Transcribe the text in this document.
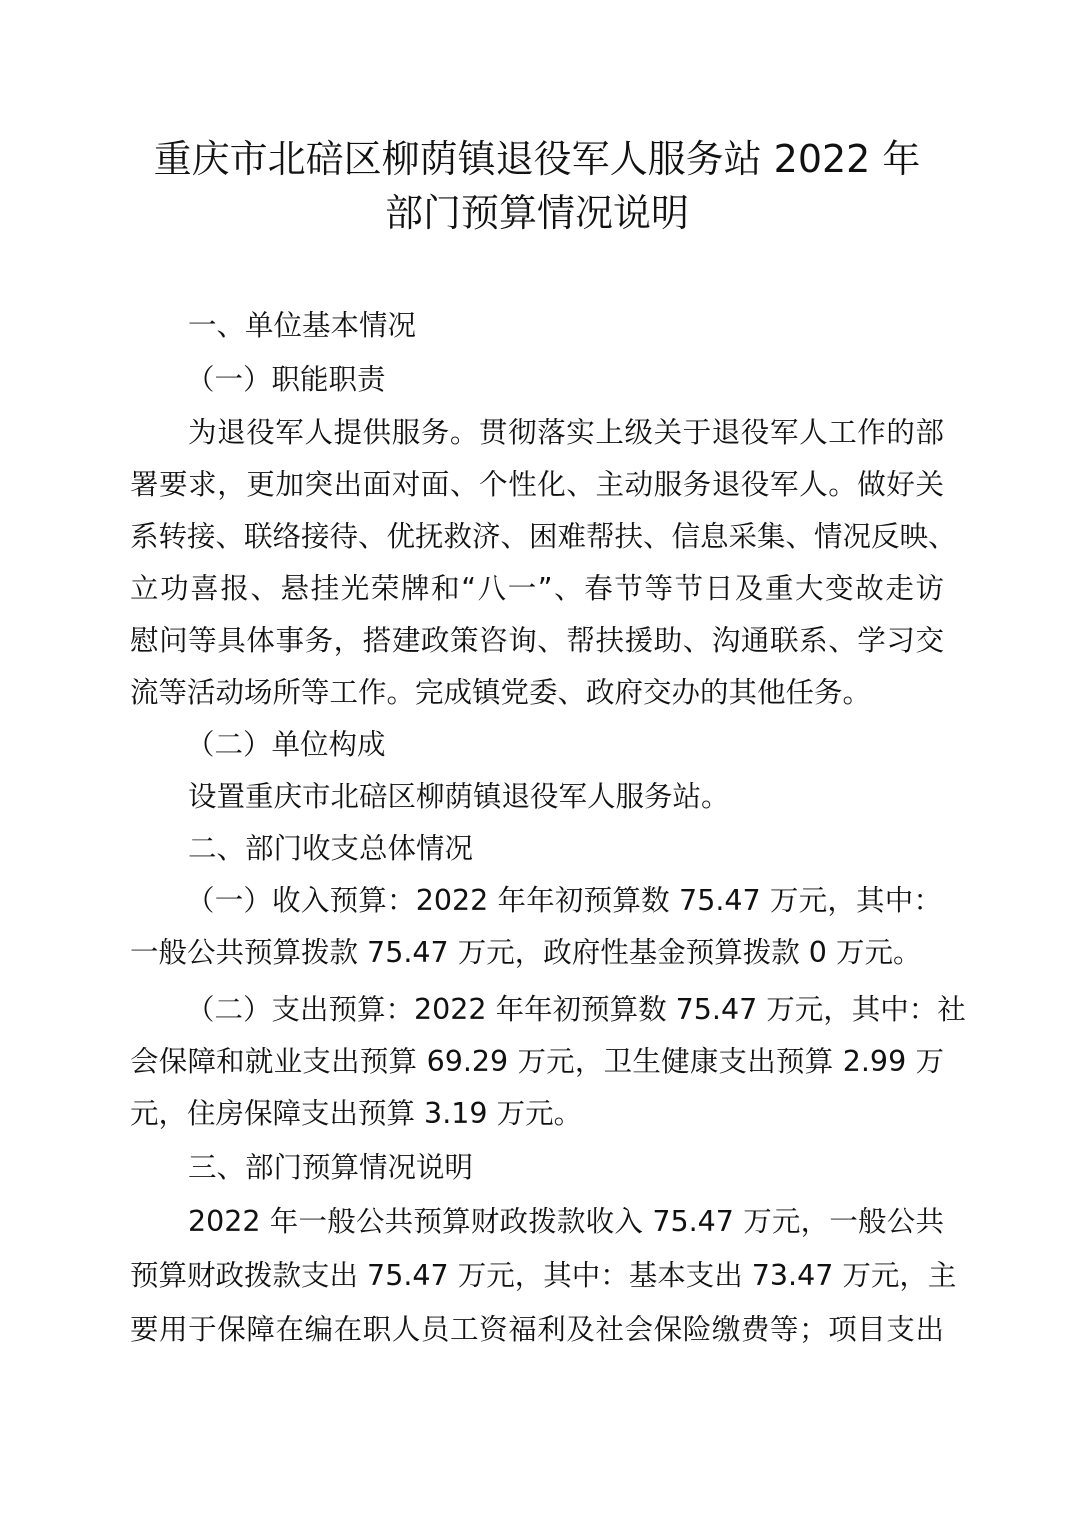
重庆市北碚区柳荫镇退役军人服务站 2022 年
部门预算情况说明
一、单位基本情况
（一）职能职责
为退役军人提供服务。贯彻落实上级关于退役军人工作的部
署要求，更加突出面对面、个性化、主动服务退役军人。做好关
系转接、联络接待、优抚救济、困难帮扶、信息采集、情况反映、
立功喜报、悬挂光荣牌和“八一”、春节等节日及重大变故走访
慰问等具体事务，搭建政策咨询、帮扶援助、沟通联系、学习交
流等活动场所等工作。完成镇党委、政府交办的其他任务。
（二）单位构成
设置重庆市北碚区柳荫镇退役军人服务站。
二、部门收支总体情况
（一）收入预算：2022 年年初预算数 75.47 万元，其中：
一般公共预算拨款 75.47 万元，政府性基金预算拨款 0 万元。
（二）支出预算：2022 年年初预算数 75.47 万元，其中：社
会保障和就业支出预算 69.29 万元，卫生健康支出预算 2.99 万
元，住房保障支出预算 3.19 万元。
三、部门预算情况说明
2022 年一般公共预算财政拨款收入 75.47 万元，一般公共
预算财政拨款支出 75.47 万元，其中：基本支出 73.47 万元，主
要用于保障在编在职人员工资福利及社会保险缴费等；项目支出
